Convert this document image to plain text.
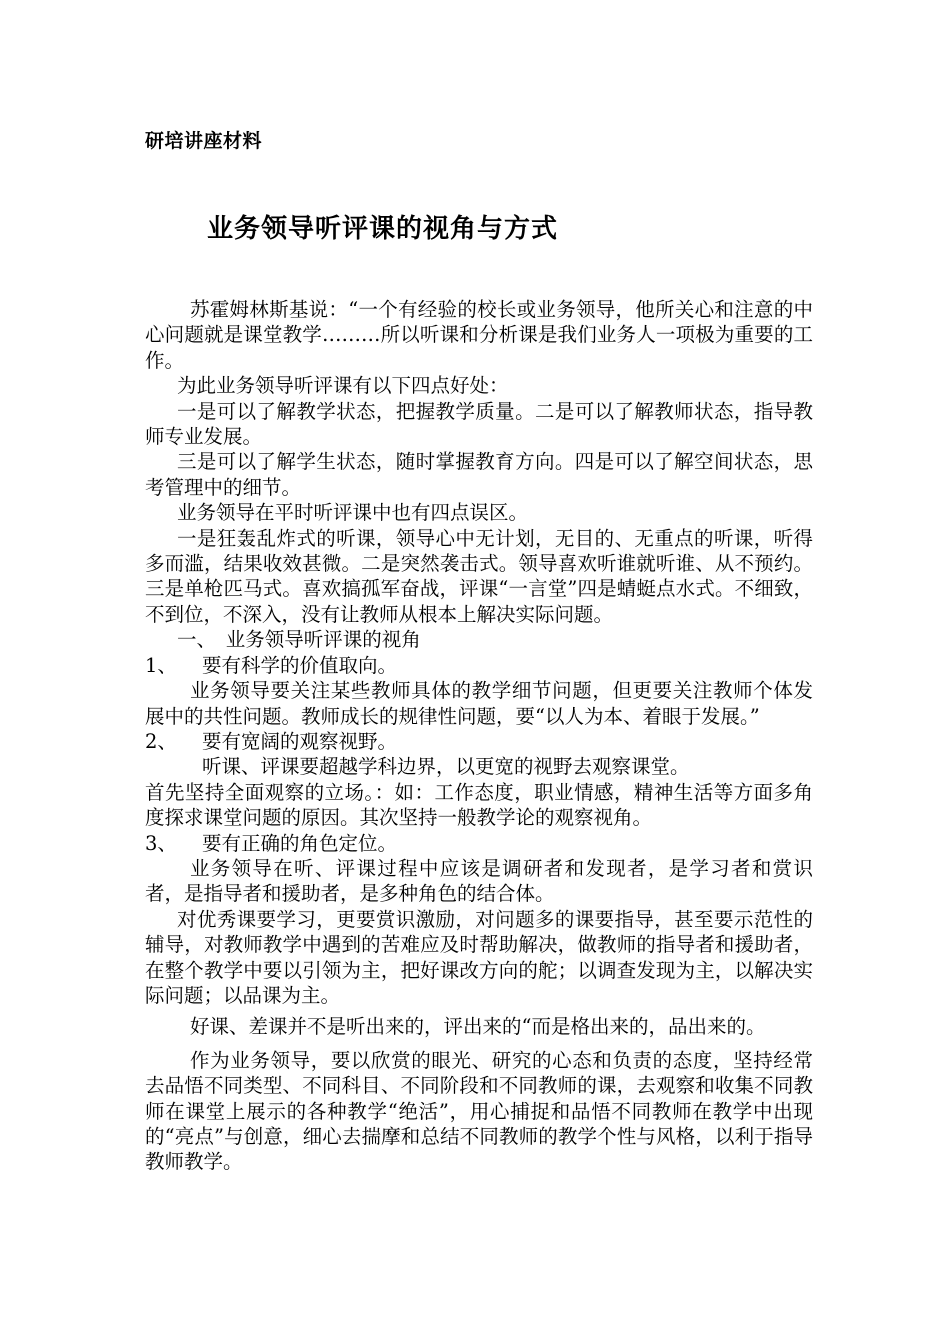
研培讲座材料
业务领导听评课的视角与方式

苏霍姆林斯基说：“一个有经验的校长或业务领导，他所关心和注意的中心问题就是课堂教学………所以听课和分析课是我们业务人一项极为重要的工作。

为此业务领导听评课有以下四点好处：

一是可以了解教学状态，把握教学质量。二是可以了解教师状态，指导教师专业发展。

三是可以了解学生状态，随时掌握教育方向。四是可以了解空间状态，思考管理中的细节。

业务领导在平时听评课中也有四点误区。

一是狂轰乱炸式的听课，领导心中无计划，无目的、无重点的听课，听得多而滥，结果收效甚微。二是突然袭击式。领导喜欢听谁就听谁、从不预约。三是单枪匹马式。喜欢搞孤军奋战，评课“一言堂”四是蜻蜓点水式。不细致，不到位，不深入，没有让教师从根本上解决实际问题。

一、　业务领导听评课的视角

1、 要有科学的价值取向。

业务领导要关注某些教师具体的教学细节问题，但更要关注教师个体发展中的共性问题。教师成长的规律性问题，要“以人为本、着眼于发展。”

2、 要有宽阔的观察视野。

听课、评课要超越学科边界，以更宽的视野去观察课堂。

首先坚持全面观察的立场。：如：工作态度，职业情感，精神生活等方面多角度探求课堂问题的原因。其次坚持一般教学论的观察视角。

3、 要有正确的角色定位。

业务领导在听、评课过程中应该是调研者和发现者，是学习者和赏识者，是指导者和援助者，是多种角色的结合体。

对优秀课要学习，更要赏识激励，对问题多的课要指导，甚至要示范性的辅导，对教师教学中遇到的苦难应及时帮助解决，做教师的指导者和援助者，在整个教学中要以引领为主，把好课改方向的舵；以调查发现为主，以解决实际问题；以品课为主。

好课、差课并不是听出来的，评出来的“而是格出来的，品出来的。

作为业务领导，要以欣赏的眼光、研究的心态和负责的态度，坚持经常去品悟不同类型、不同科目、不同阶段和不同教师的课，去观察和收集不同教师在课堂上展示的各种教学“绝活”，用心捕捉和品悟不同教师在教学中出现的“亮点”与创意，细心去揣摩和总结不同教师的教学个性与风格，以利于指导教师教学。
